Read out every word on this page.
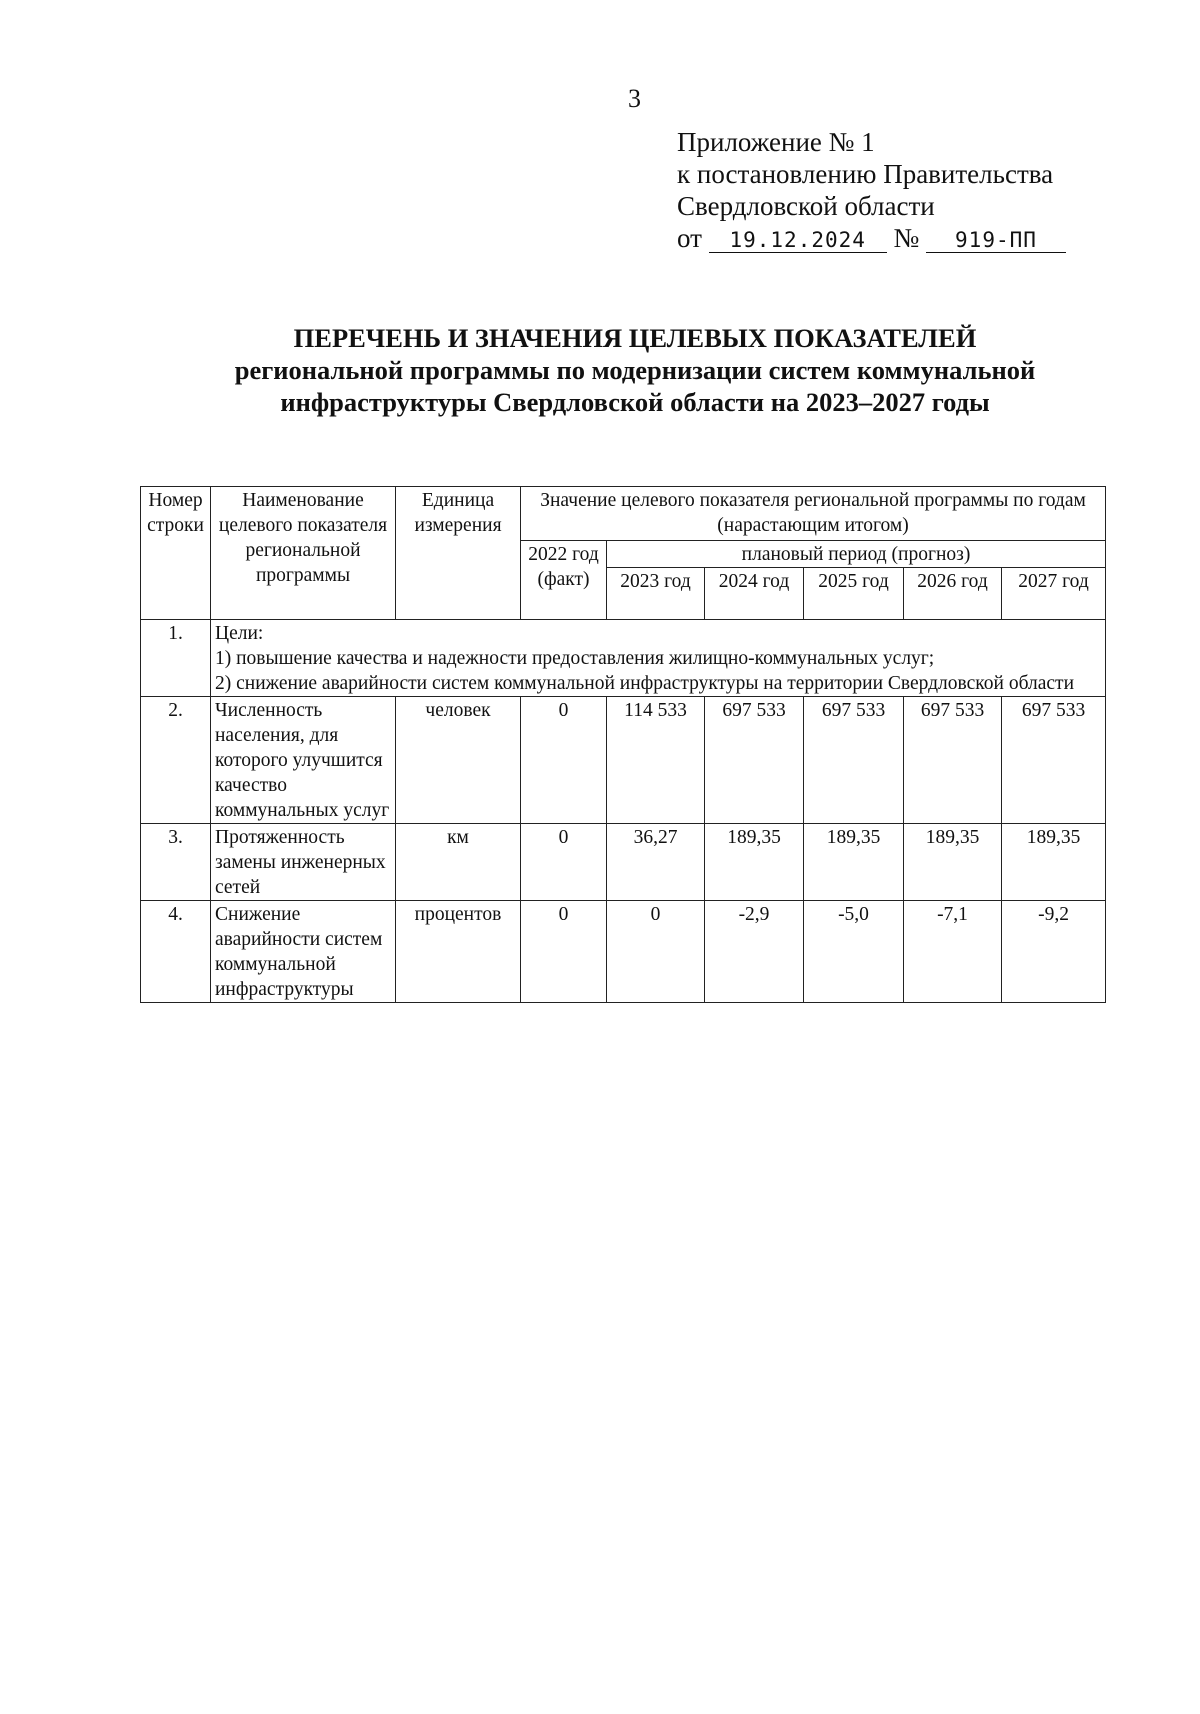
3
Приложение № 1
к постановлению Правительства
Свердловской области
от 19.12.2024 № 919-ПП
ПЕРЕЧЕНЬ И ЗНАЧЕНИЯ ЦЕЛЕВЫХ ПОКАЗАТЕЛЕЙ
региональной программы по модернизации систем коммунальной
инфраструктуры Свердловской области на 2023–2027 годы
Номер строки	Наименование целевого показателя региональной программы	Единица измерения	Значение целевого показателя региональной программы по годам (нарастающим итогом)					
			2022 год (факт)	плановый период (прогноз)				
				2023 год	2024 год	2025 год	2026 год	2027 год
1.	Цели:
1) повышение качества и надежности предоставления жилищно-коммунальных услуг;
2) снижение аварийности систем коммунальной инфраструктуры на территории Свердловской области							

2.	Численность населения, для которого улучшится качество коммунальных услуг	человек	0	114 533	697 533	697 533	697 533	697 533
3.	Протяженность замены инженерных сетей	км	0	36,27	189,35	189,35	189,35	189,35
4.	Снижение аварийности систем коммунальной инфраструктуры	процентов	0	0	-2,9	-5,0	-7,1	-9,2
